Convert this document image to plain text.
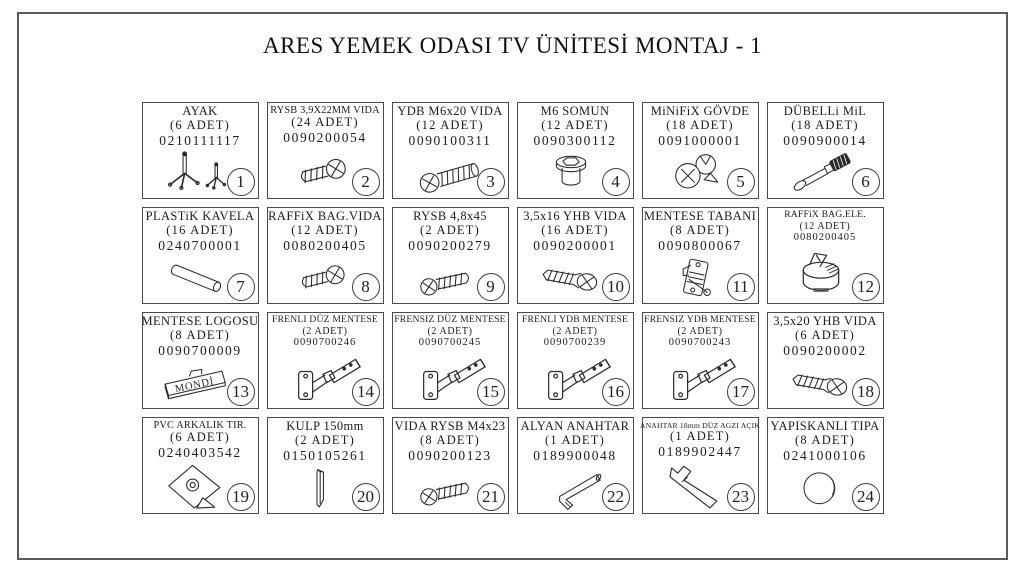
ARES YEMEK ODASI TV ÜNİTESİ MONTAJ - 1
AYAK
(6 ADET)
0210111117
1
RYSB 3,9X22MM VIDA
(24 ADET)
0090200054
2
YDB M6x20 VIDA
(12 ADET)
0090100311
3
M6 SOMUN
(12 ADET)
0090300112
4
MiNiFiX GÖVDE
(18 ADET)
0091000001
5
DÜBELLi MiL
(18 ADET)
0090900014
6
PLASTiK KAVELA
(16 ADET)
0240700001
7
RAFFiX BAG.VIDA
(12 ADET)
0080200405
8
RYSB 4,8x45
(2 ADET)
0090200279
9
3,5x16 YHB VIDA
(16 ADET)
0090200001
10
MENTESE TABANI
(8 ADET)
0090800067
11
RAFFiX BAG.ELE.
(12 ADET)
0080200405
12
MENTESE LOGOSU
(8 ADET)
0090700009
MONDİ	13
FRENLI DÜZ MENTESE
(2 ADET)
0090700246
14
FRENSIZ DÜZ MENTESE
(2 ADET)
0090700245
15
FRENLI YDB MENTESE
(2 ADET)
0090700239
16
FRENSIZ YDB MENTESE
(2 ADET)
0090700243
17
3,5x20 YHB VIDA
(6 ADET)
0090200002
18
PVC ARKALIK TIR.
(6 ADET)
0240403542
19
KULP 150mm
(2 ADET)
0150105261
20
VIDA RYSB M4x23
(8 ADET)
0090200123
21
ALYAN ANAHTAR
(1 ADET)
0189900048
22
ANAHTAR 18mm DÜZ AGZI AÇIK
(1 ADET)
0189902447
23
YAPISKANLI TIPA
(8 ADET)
0241000106
24
